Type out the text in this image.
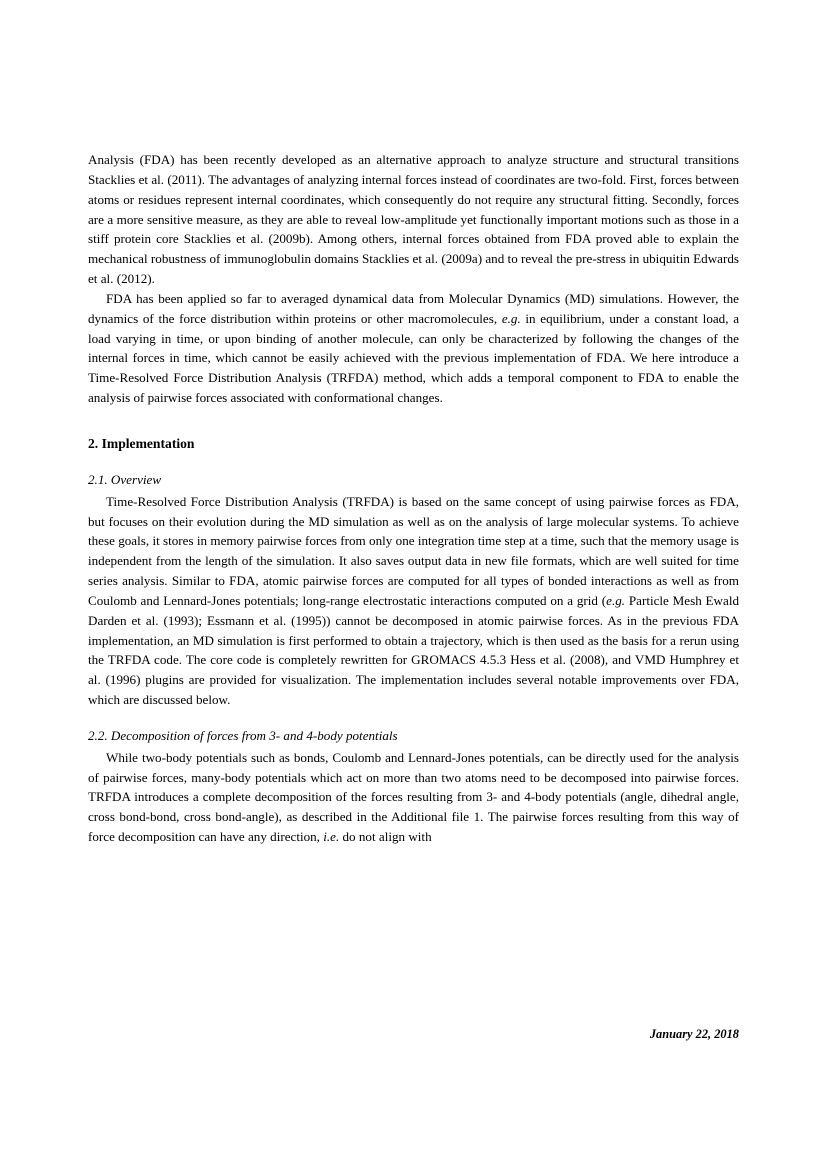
Analysis (FDA) has been recently developed as an alternative approach to analyze structure and structural transitions Stacklies et al. (2011). The advantages of analyzing internal forces instead of coordinates are two-fold. First, forces between atoms or residues represent internal coordinates, which consequently do not require any structural fitting. Secondly, forces are a more sensitive measure, as they are able to reveal low-amplitude yet functionally important motions such as those in a stiff protein core Stacklies et al. (2009b). Among others, internal forces obtained from FDA proved able to explain the mechanical robustness of immunoglobulin domains Stacklies et al. (2009a) and to reveal the pre-stress in ubiquitin Edwards et al. (2012).

FDA has been applied so far to averaged dynamical data from Molecular Dynamics (MD) simulations. However, the dynamics of the force distribution within proteins or other macromolecules, e.g. in equilibrium, under a constant load, a load varying in time, or upon binding of another molecule, can only be characterized by following the changes of the internal forces in time, which cannot be easily achieved with the previous implementation of FDA. We here introduce a Time-Resolved Force Distribution Analysis (TRFDA) method, which adds a temporal component to FDA to enable the analysis of pairwise forces associated with conformational changes.

2. Implementation
2.1. Overview

Time-Resolved Force Distribution Analysis (TRFDA) is based on the same concept of using pairwise forces as FDA, but focuses on their evolution during the MD simulation as well as on the analysis of large molecular systems. To achieve these goals, it stores in memory pairwise forces from only one integration time step at a time, such that the memory usage is independent from the length of the simulation. It also saves output data in new file formats, which are well suited for time series analysis. Similar to FDA, atomic pairwise forces are computed for all types of bonded interactions as well as from Coulomb and Lennard-Jones potentials; long-range electrostatic interactions computed on a grid (e.g. Particle Mesh Ewald Darden et al. (1993); Essmann et al. (1995)) cannot be decomposed in atomic pairwise forces. As in the previous FDA implementation, an MD simulation is first performed to obtain a trajectory, which is then used as the basis for a rerun using the TRFDA code. The core code is completely rewritten for GROMACS 4.5.3 Hess et al. (2008), and VMD Humphrey et al. (1996) plugins are provided for visualization. The implementation includes several notable improvements over FDA, which are discussed below.

2.2. Decomposition of forces from 3- and 4-body potentials

While two-body potentials such as bonds, Coulomb and Lennard-Jones potentials, can be directly used for the analysis of pairwise forces, many-body potentials which act on more than two atoms need to be decomposed into pairwise forces. TRFDA introduces a complete decomposition of the forces resulting from 3- and 4-body potentials (angle, dihedral angle, cross bond-bond, cross bond-angle), as described in the Additional file 1. The pairwise forces resulting from this way of force decomposition can have any direction, i.e. do not align with

January 22, 2018
